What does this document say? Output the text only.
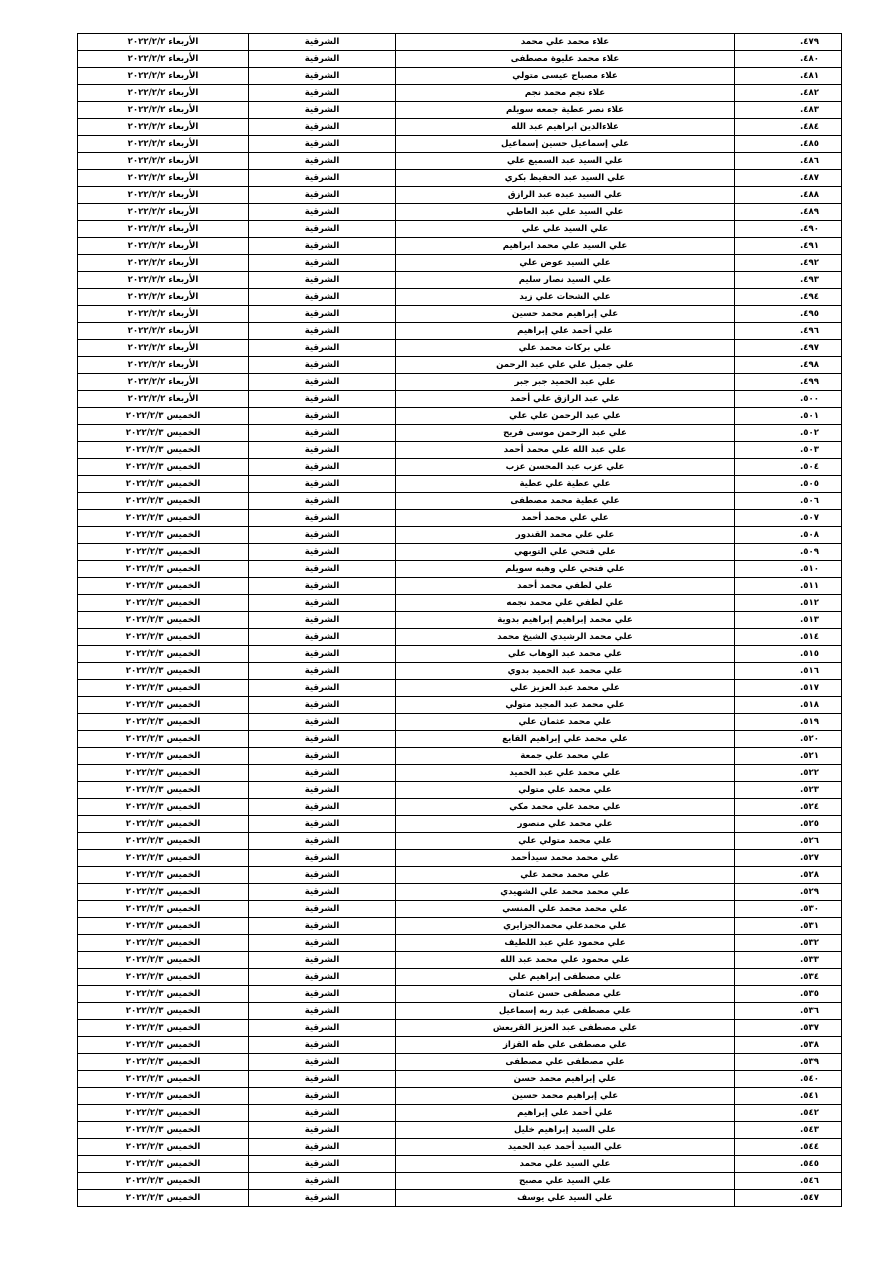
٤٧٩.	علاء محمد علي محمد	الشرقية	الأربعاء ٢٠٢٢/٢/٢
٤٨٠.	علاء محمد عليوة مصطفى	الشرقية	الأربعاء ٢٠٢٢/٢/٢
٤٨١.	علاء مصباح عيسى متولي	الشرقية	الأربعاء ٢٠٢٢/٢/٢
٤٨٢.	علاء نجم محمد نجم	الشرقية	الأربعاء ٢٠٢٢/٢/٢
٤٨٣.	علاء نصر عطية جمعه سويلم	الشرقية	الأربعاء ٢٠٢٢/٢/٢
٤٨٤.	علاءالدين ابراهيم عبد الله	الشرقية	الأربعاء ٢٠٢٢/٢/٢
٤٨٥.	علي إسماعيل حسين إسماعيل	الشرقية	الأربعاء ٢٠٢٢/٢/٢
٤٨٦.	علي السيد عبد السميع علي	الشرقية	الأربعاء ٢٠٢٢/٢/٢
٤٨٧.	علي السيد عبد الحفيظ بكري	الشرقية	الأربعاء ٢٠٢٢/٢/٢
٤٨٨.	علي السيد عبده عبد الرازق	الشرقية	الأربعاء ٢٠٢٢/٢/٢
٤٨٩.	علي السيد علي عبد العاطي	الشرقية	الأربعاء ٢٠٢٢/٢/٢
٤٩٠.	علي السيد علي علي	الشرقية	الأربعاء ٢٠٢٢/٢/٢
٤٩١.	علي السيد علي محمد ابراهيم	الشرقية	الأربعاء ٢٠٢٢/٢/٢
٤٩٢.	علي السيد عوض علي	الشرقية	الأربعاء ٢٠٢٢/٢/٢
٤٩٣.	علي السيد نصار سليم	الشرقية	الأربعاء ٢٠٢٢/٢/٢
٤٩٤.	علي الشحات علي زيد	الشرقية	الأربعاء ٢٠٢٢/٢/٢
٤٩٥.	علي إبراهيم محمد حسين	الشرقية	الأربعاء ٢٠٢٢/٢/٢
٤٩٦.	علي أحمد علي إبراهيم	الشرقية	الأربعاء ٢٠٢٢/٢/٢
٤٩٧.	علي بركات محمد علي	الشرقية	الأربعاء ٢٠٢٢/٢/٢
٤٩٨.	علي جميل علي علي عبد الرحمن	الشرقية	الأربعاء ٢٠٢٢/٢/٢
٤٩٩.	علي عبد الحميد جبر جبر	الشرقية	الأربعاء ٢٠٢٢/٢/٢
٥٠٠.	علي عبد الرازق علي أحمد	الشرقية	الأربعاء ٢٠٢٢/٢/٢
٥٠١.	علي عبد الرحمن علي علي	الشرقية	الخميس ٢٠٢٢/٢/٣
٥٠٢.	علي عبد الرحمن موسى فريح	الشرقية	الخميس ٢٠٢٢/٢/٣
٥٠٣.	علي عبد الله علي محمد أحمد	الشرقية	الخميس ٢٠٢٢/٢/٣
٥٠٤.	علي عزب عبد المحسن عزب	الشرقية	الخميس ٢٠٢٢/٢/٣
٥٠٥.	علي عطية علي عطية	الشرقية	الخميس ٢٠٢٢/٢/٣
٥٠٦.	علي عطية محمد مصطفى	الشرقية	الخميس ٢٠٢٢/٢/٣
٥٠٧.	علي علي محمد أحمد	الشرقية	الخميس ٢٠٢٢/٢/٣
٥٠٨.	علي علي محمد القندور	الشرقية	الخميس ٢٠٢٢/٢/٣
٥٠٩.	علي فتحي علي التوبهي	الشرقية	الخميس ٢٠٢٢/٢/٣
٥١٠.	علي فتحي علي وهبه سويلم	الشرقية	الخميس ٢٠٢٢/٢/٣
٥١١.	علي لطفي محمد أحمد	الشرقية	الخميس ٢٠٢٢/٢/٣
٥١٢.	علي لطفي علي محمد نجمه	الشرقية	الخميس ٢٠٢٢/٢/٣
٥١٣.	علي محمد إبراهيم إبراهيم بدوية	الشرقية	الخميس ٢٠٢٢/٢/٣
٥١٤.	علي محمد الرشيدي الشيخ محمد	الشرقية	الخميس ٢٠٢٢/٢/٣
٥١٥.	علي محمد عبد الوهاب علي	الشرقية	الخميس ٢٠٢٢/٢/٣
٥١٦.	علي محمد عبد الحميد بدوي	الشرقية	الخميس ٢٠٢٢/٢/٣
٥١٧.	علي محمد عبد العزيز علي	الشرقية	الخميس ٢٠٢٢/٢/٣
٥١٨.	علي محمد عبد المجيد متولي	الشرقية	الخميس ٢٠٢٢/٢/٣
٥١٩.	علي محمد عثمان علي	الشرقية	الخميس ٢٠٢٢/٢/٣
٥٢٠.	علي محمد علي إبراهيم القايع	الشرقية	الخميس ٢٠٢٢/٢/٣
٥٢١.	علي محمد علي جمعة	الشرقية	الخميس ٢٠٢٢/٢/٣
٥٢٢.	علي محمد علي عبد الحميد	الشرقية	الخميس ٢٠٢٢/٢/٣
٥٢٣.	علي محمد علي متولي	الشرقية	الخميس ٢٠٢٢/٢/٣
٥٢٤.	علي محمد علي محمد مكي	الشرقية	الخميس ٢٠٢٢/٢/٣
٥٢٥.	علي محمد علي منصور	الشرقية	الخميس ٢٠٢٢/٢/٣
٥٢٦.	علي محمد متولي علي	الشرقية	الخميس ٢٠٢٢/٢/٣
٥٢٧.	علي محمد محمد سيدأحمد	الشرقية	الخميس ٢٠٢٢/٢/٣
٥٢٨.	علي محمد محمد علي	الشرقية	الخميس ٢٠٢٢/٢/٣
٥٢٩.	علي محمد محمد علي الشهيدي	الشرقية	الخميس ٢٠٢٢/٢/٣
٥٣٠.	علي محمد محمد علي المنسي	الشرقية	الخميس ٢٠٢٢/٢/٣
٥٣١.	علي محمدعلي محمدالجزايري	الشرقية	الخميس ٢٠٢٢/٢/٣
٥٣٢.	علي محمود علي عبد اللطيف	الشرقية	الخميس ٢٠٢٢/٢/٣
٥٣٣.	علي محمود علي محمد عبد الله	الشرقية	الخميس ٢٠٢٢/٢/٣
٥٣٤.	علي مصطفى إبراهيم علي	الشرقية	الخميس ٢٠٢٢/٢/٣
٥٣٥.	علي مصطفى حسن عثمان	الشرقية	الخميس ٢٠٢٢/٢/٣
٥٣٦.	علي مصطفى عبد ربه إسماعيل	الشرقية	الخميس ٢٠٢٢/٢/٣
٥٣٧.	علي مصطفى عبد العزيز القريعش	الشرقية	الخميس ٢٠٢٢/٢/٣
٥٣٨.	علي مصطفى علي طه القزاز	الشرقية	الخميس ٢٠٢٢/٢/٣
٥٣٩.	علي مصطفى علي مصطفى	الشرقية	الخميس ٢٠٢٢/٢/٣
٥٤٠.	علي إبراهيم محمد حسن	الشرقية	الخميس ٢٠٢٢/٢/٣
٥٤١.	علي إبراهيم محمد حسين	الشرقية	الخميس ٢٠٢٢/٢/٣
٥٤٢.	علي أحمد علي إبراهيم	الشرقية	الخميس ٢٠٢٢/٢/٣
٥٤٣.	علي السيد إبراهيم خليل	الشرقية	الخميس ٢٠٢٢/٢/٣
٥٤٤.	علي السيد أحمد عبد الحميد	الشرقية	الخميس ٢٠٢٢/٢/٣
٥٤٥.	علي السيد علي محمد	الشرقية	الخميس ٢٠٢٢/٢/٣
٥٤٦.	علي السيد علي مصبح	الشرقية	الخميس ٢٠٢٢/٢/٣
٥٤٧.	علي السيد علي يوسف	الشرقية	الخميس ٢٠٢٢/٢/٣
